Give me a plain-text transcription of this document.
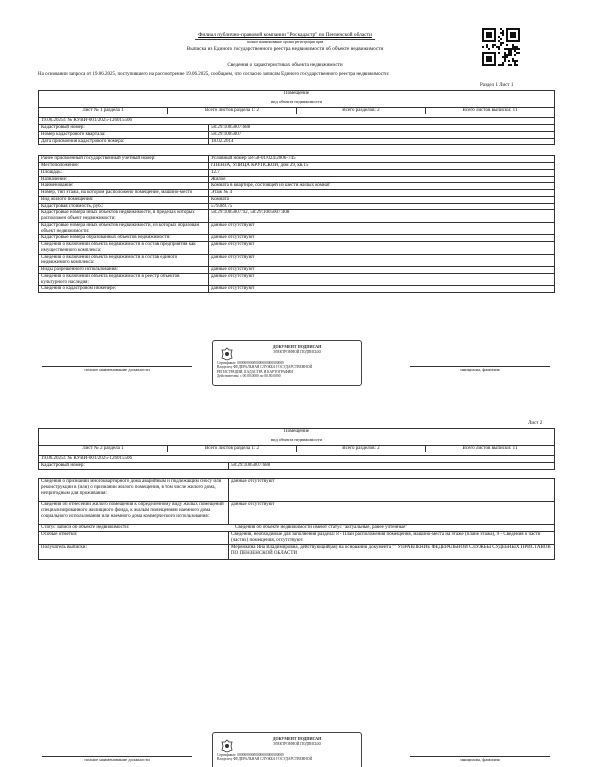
Филиал публично-правовой компании "Роскадастр" по Пензенской области
полное наименование органа регистрации прав
Выписка из Единого государственного реестра недвижимости об объекте недвижимости
Сведения о характеристиках объекта недвижимости
На основании запроса от 19.06.2025, поступившего на рассмотрение 19.06.2025, сообщаем, что согласно записям Единого государственного реестра недвижимости:
Раздел 1 Лист 1
Помещение
вид объекта недвижимости

Лист № 1 раздела 1	Всего листов раздела 1: 2	Всего разделов: 2	Всего листов выписки: 11

19.06.2025г. № КУВИ-001/2025-126015506
Кадастровый номер:	58:29:1005007:688
Номер кадастрового квартала:	58:29:1005007
Дата присвоения кадастрового номера:	18.02.2014

Ранее присвоенный государственный учетный номер:	Условный номер 58-58-01/024/2006-745
Местоположение:	г.ПЕНЗА, УЛИЦА КРУПСКОЙ, дом 29, кв.15
Площадь:	12.7
Назначение:	Жилое
Наименование:	Комната в квартире, состоящей из шести жилых комнат
Номер, тип этажа, на котором расположено помещение, машино-место	Этаж № 4
Вид жилого помещения:	Комната
Кадастровая стоимость, руб.:	579389.75
Кадастровые номера иных объектов недвижимости, в пределах которых расположен объект недвижимости:	58:29:1005007:92, 58:29:1005007:408
Кадастровые номера иных объектов недвижимости, из которых образован объект недвижимости:	данные отсутствуют
Кадастровые номера образованных объектов недвижимости:	данные отсутствуют
Сведения о включении объекта недвижимости в состав предприятия как имущественного комплекса:	данные отсутствуют
Сведения о включении объекта недвижимости в состав единого недвижимого комплекса:	данные отсутствуют
Виды разрешенного использования:	данные отсутствуют
Сведения о включении объекта недвижимости в реестр объектов культурного наследия:	данные отсутствуют
Сведения о кадастровом инженере:	данные отсутствуют
полное наименование должности
ДОКУМЕНТ ПОДПИСАН
ЭЛЕКТРОННОЙ ПОДПИСЬЮ
Сертификат: 00000000000000000000000000
Владелец: ФЕДЕРАЛЬНАЯ СЛУЖБА ГОСУДАРСТВЕННОЙ
РЕГИСТРАЦИИ, КАДАСТРА И КАРТОГРАФИИ
Действителен: с 00.00.0000 по 00.00.0000
инициалы, фамилия
Лист 2
Помещение
вид объекта недвижимости

Лист № 2 раздела 1	Всего листов раздела 1: 2	Всего разделов: 2	Всего листов выписки: 11

19.06.2025г. № КУВИ-001/2025-126015506
Кадастровый номер:	58:29:1005007:688

Сведения о признании многоквартирного дома аварийным и подлежащим сносу или реконструкции в (или) о признании жилого помещения, в том числе жилого дома, непригодным для проживания:	данные отсутствуют
Сведения об отнесении жилого помещения к определенному виду жилых помещений специализированного жилищного фонда, к жилым помещениям наемного дома социального использования или наемного дома коммерческого использования:	данные отсутствуют

Статус записи об объекте недвижимости:	Сведения об объекте недвижимости имеют статус "актуальные, ранее учтенные"

Особые отметки:	Сведения, необходимые для заполнения раздела: 8 - План расположения помещения, машино-места на этаже (плане этажа), 9 - Сведения о части (частях) помещения, отсутствуют.
Получатель выписки:	Меремкина Яна Владимировна, действующий(ая) на основании документа "" УПРАВЛЕНИЕ ФЕДЕРАЛЬНОЙ СЛУЖБЫ СУДЕБНЫХ ПРИСТАВОВ ПО ПЕНЗЕНСКОЙ ОБЛАСТИ
полное наименование должности
ДОКУМЕНТ ПОДПИСАН
ЭЛЕКТРОННОЙ ПОДПИСЬЮ
Сертификат: 00000000000000000000000000
Владелец: ФЕДЕРАЛЬНАЯ СЛУЖБА ГОСУДАРСТВЕННОЙ	инициалы, фамилия
